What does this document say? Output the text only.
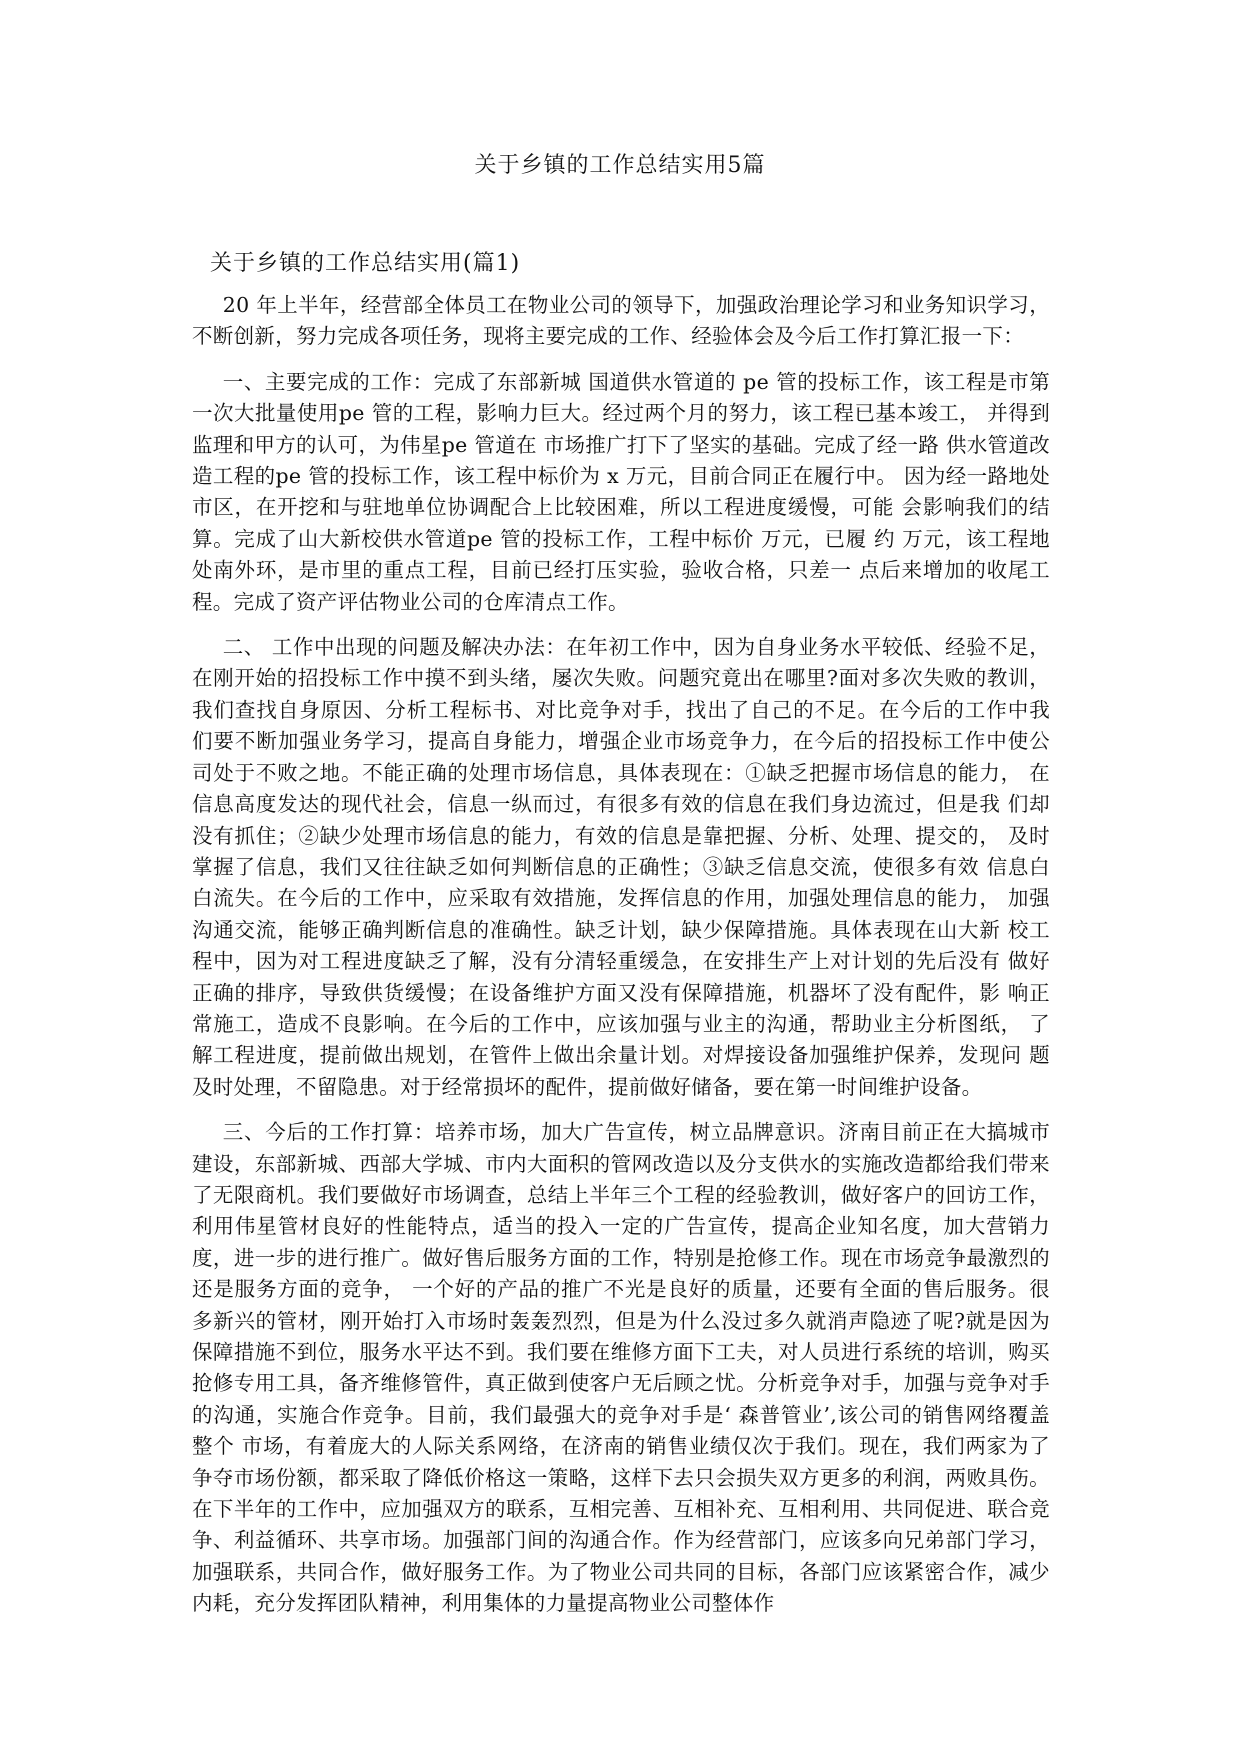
关于乡镇的工作总结实用5篇
关于乡镇的工作总结实用(篇1)

20 年上半年，经营部全体员工在物业公司的领导下，加强政治理论学习和业务知识学习，不断创新，努力完成各项任务，现将主要完成的工作、经验体会及今后工作打算汇报一下：

一、主要完成的工作：完成了东部新城 国道供水管道的 pe 管的投标工作，该工程是市第一次大批量使用pe 管的工程，影响力巨大。经过两个月的努力，该工程已基本竣工， 并得到监理和甲方的认可，为伟星pe 管道在 市场推广打下了坚实的基础。完成了经一路 供水管道改造工程的pe 管的投标工作，该工程中标价为 x 万元，目前合同正在履行中。 因为经一路地处市区，在开挖和与驻地单位协调配合上比较困难，所以工程进度缓慢，可能 会影响我们的结算。完成了山大新校供水管道pe 管的投标工作，工程中标价 万元，已履 约 万元，该工程地处南外环，是市里的重点工程，目前已经打压实验，验收合格，只差一 点后来增加的收尾工程。完成了资产评估物业公司的仓库清点工作。

二、 工作中出现的问题及解决办法：在年初工作中，因为自身业务水平较低、经验不足， 在刚开始的招投标工作中摸不到头绪，屡次失败。问题究竟出在哪里?面对多次失败的教训， 我们查找自身原因、分析工程标书、对比竞争对手，找出了自己的不足。在今后的工作中我 们要不断加强业务学习，提高自身能力，增强企业市场竞争力，在今后的招投标工作中使公 司处于不败之地。不能正确的处理市场信息，具体表现在：①缺乏把握市场信息的能力， 在信息高度发达的现代社会，信息一纵而过，有很多有效的信息在我们身边流过，但是我 们却没有抓住；②缺少处理市场信息的能力，有效的信息是靠把握、分析、处理、提交的， 及时掌握了信息，我们又往往缺乏如何判断信息的正确性；③缺乏信息交流，使很多有效 信息白白流失。在今后的工作中，应采取有效措施，发挥信息的作用，加强处理信息的能力， 加强沟通交流，能够正确判断信息的准确性。缺乏计划，缺少保障措施。具体表现在山大新 校工程中，因为对工程进度缺乏了解，没有分清轻重缓急，在安排生产上对计划的先后没有 做好正确的排序，导致供货缓慢；在设备维护方面又没有保障措施，机器坏了没有配件，影 响正常施工，造成不良影响。在今后的工作中，应该加强与业主的沟通，帮助业主分析图纸， 了解工程进度，提前做出规划，在管件上做出余量计划。对焊接设备加强维护保养，发现问 题及时处理，不留隐患。对于经常损坏的配件，提前做好储备，要在第一时间维护设备。

三、今后的工作打算：培养市场，加大广告宣传，树立品牌意识。济南目前正在大搞城市建设，东部新城、西部大学城、市内大面积的管网改造以及分支供水的实施改造都给我们带来了无限商机。我们要做好市场调查，总结上半年三个工程的经验教训，做好客户的回访工作，利用伟星管材良好的性能特点，适当的投入一定的广告宣传，提高企业知名度，加大营销力度，进一步的进行推广。做好售后服务方面的工作，特别是抢修工作。现在市场竞争最激烈的还是服务方面的竞争， 一个好的产品的推广不光是良好的质量，还要有全面的售后服务。很多新兴的管材，刚开始打入市场时轰轰烈烈，但是为什么没过多久就消声隐迹了呢?就是因为保障措施不到位，服务水平达不到。我们要在维修方面下工夫，对人员进行系统的培训，购买抢修专用工具，备齐维修管件，真正做到使客户无后顾之忧。分析竞争对手，加强与竞争对手的沟通，实施合作竞争。目前，我们最强大的竞争对手是‘ 森普管业’,该公司的销售网络覆盖整个 市场，有着庞大的人际关系网络，在济南的销售业绩仅次于我们。现在，我们两家为了争夺市场份额，都采取了降低价格这一策略，这样下去只会损失双方更多的利润，两败具伤。在下半年的工作中，应加强双方的联系，互相完善、互相补充、互相利用、共同促进、联合竞争、利益循环、共享市场。加强部门间的沟通合作。作为经营部门，应该多向兄弟部门学习，加强联系，共同合作，做好服务工作。为了物业公司共同的目标，各部门应该紧密合作，减少内耗，充分发挥团队精神，利用集体的力量提高物业公司整体作
